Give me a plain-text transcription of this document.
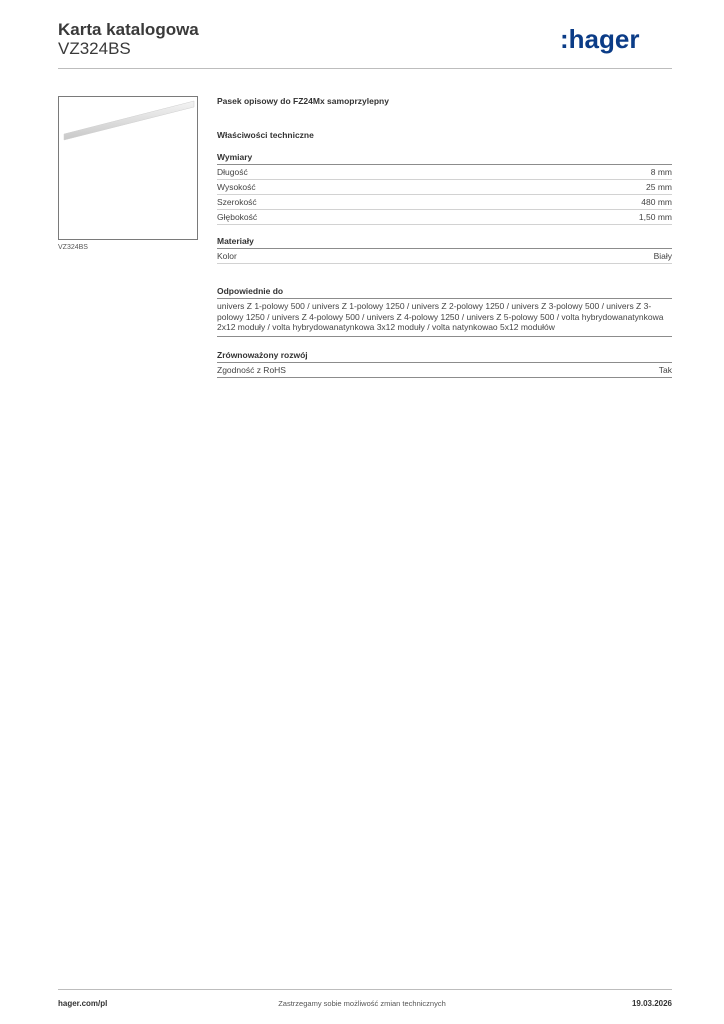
Karta katalogowa
VZ324BS	:hager
VZ324BS
Pasek opisowy do FZ24Mx samoprzylepny
Właściwości techniczne
Wymiary
Długość	8 mm
Wysokość	25 mm
Szerokość	480 mm
Głębokość	1,50 mm
Materiały
Kolor	Biały
Odpowiednie do
univers Z 1-polowy 500 / univers Z 1-polowy 1250 / univers Z 2-polowy 1250 / univers Z 3-polowy 500 / univers Z 3-polowy 1250 / univers Z 4-polowy 500 / univers Z 4-polowy 1250 / univers Z 5-polowy 500 / volta hybrydowanatynkowa 2x12 moduły / volta hybrydowanatynkowa 3x12 moduły / volta natynkowao 5x12 modułów
Zrównoważony rozwój
Zgodność z RoHS	Tak
hager.com/pl	Zastrzegamy sobie możliwość zmian technicznych	19.03.2026
